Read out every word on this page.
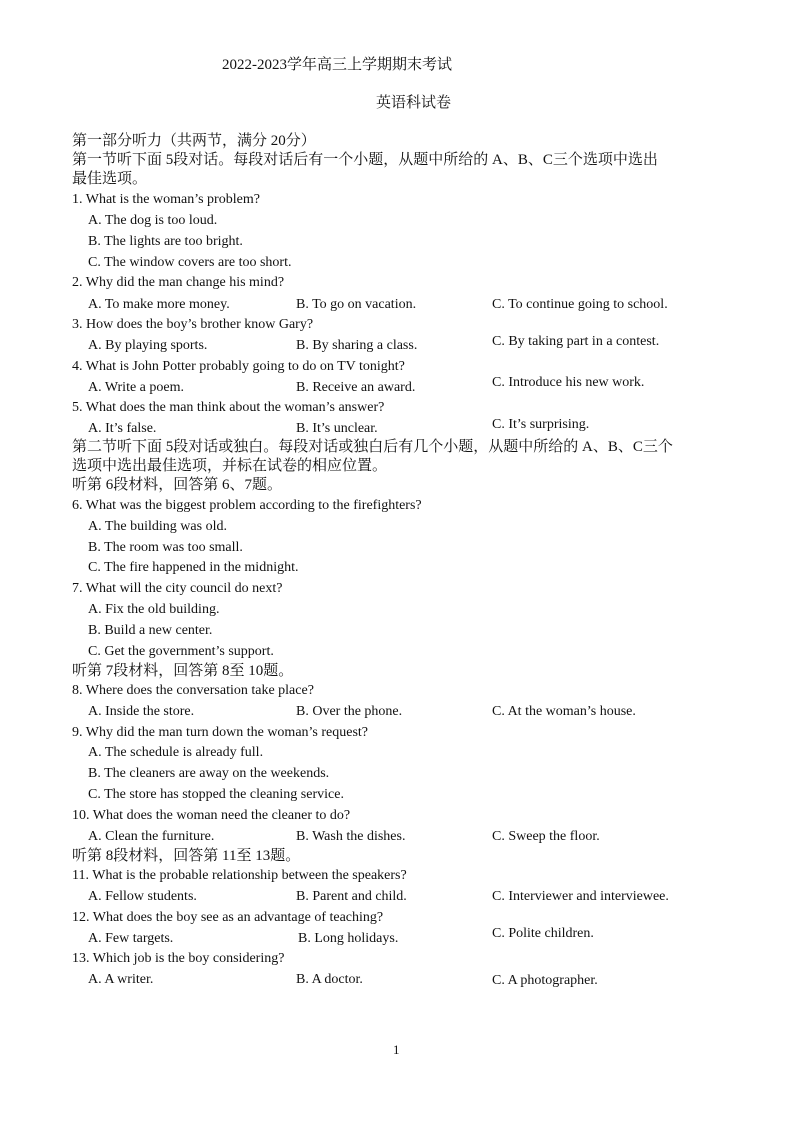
2022-2023学年高三上学期期末考试
英语科试卷
第一部分听力（共两节，满分 20分）
第一节听下面 5段对话。每段对话后有一个小题，从题中所给的 A、B、C三个选项中选出
最佳选项。
1. What is the woman’s problem?
A. The dog is too loud.
B. The lights are too bright.
C. The window covers are too short.
2. Why did the man change his mind?
A. To make more money.	B. To go on vacation.	C. To continue going to school.
3. How does the boy’s brother know Gary?
A. By playing sports.	B. By sharing a class.	C. By taking part in a contest.
4. What is John Potter probably going to do on TV tonight?
A. Write a poem.	B. Receive an award.	C. Introduce his new work.
5. What does the man think about the woman’s answer?
A. It’s false.	B. It’s unclear.	C. It’s surprising.
第二节听下面 5段对话或独白。每段对话或独白后有几个小题，从题中所给的 A、B、C三个
选项中选出最佳选项，并标在试卷的相应位置。
听第 6段材料，回答第 6、7题。
6. What was the biggest problem according to the firefighters?
A. The building was old.
B. The room was too small.
C. The fire happened in the midnight.
7. What will the city council do next?
A. Fix the old building.
B. Build a new center.
C. Get the government’s support.
听第 7段材料，回答第 8至 10题。
8. Where does the conversation take place?
A. Inside the store.	B. Over the phone.	C. At the woman’s house.
9. Why did the man turn down the woman’s request?
A. The schedule is already full.
B. The cleaners are away on the weekends.
C. The store has stopped the cleaning service.
10. What does the woman need the cleaner to do?
A. Clean the furniture.	B. Wash the dishes.	C. Sweep the floor.
听第 8段材料，回答第 11至 13题。
11. What is the probable relationship between the speakers?
A. Fellow students.	B. Parent and child.	C. Interviewer and interviewee.
12. What does the boy see as an advantage of teaching?
A. Few targets.	B. Long holidays.	C. Polite children.
13. Which job is the boy considering?
A. A writer.	B. A doctor.	C. A photographer.
1
